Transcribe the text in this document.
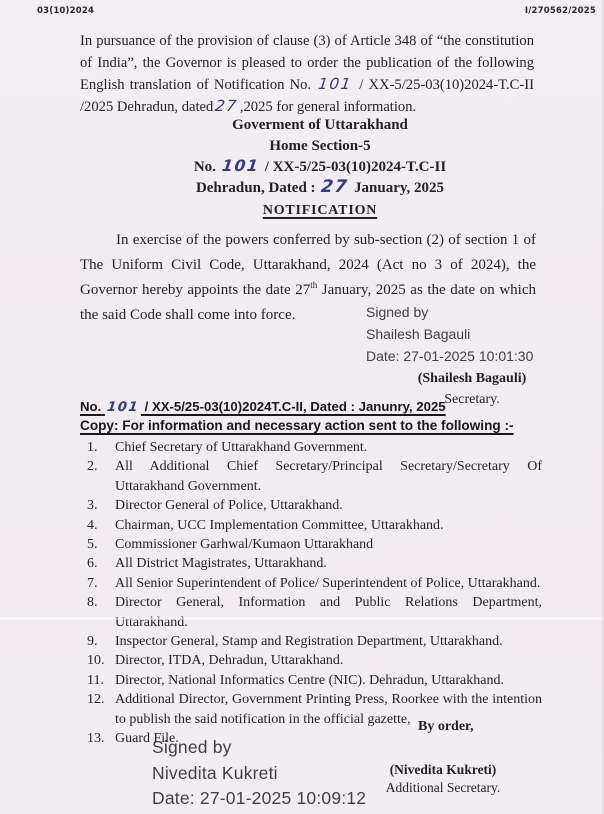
03(10)2024	I/270562/2025

In pursuance of the provision of clause (3) of Article 348 of “the constitution of India”, the Governor is pleased to order the publication of the following English translation of Notification No. 101 / XX-5/25-03(10)2024-T.C-II /2025 Dehradun, dated27,2025 for general information.

Goverment of Uttarakhand
Home Section-5
No. 101 / XX-5/25-03(10)2024-T.C-II
Dehradun, Dated : 27 January, 2025
NOTIFICATION

In exercise of the powers conferred by sub-section (2) of section 1 of The Uniform Civil Code, Uttarakhand, 2024 (Act no 3 of 2024), the Governor hereby appoints the date 27th January, 2025 as the date on which the said Code shall come into force.	Signed by
Shailesh Bagauli
Date: 27-01-2025 10:01:30
(Shailesh Bagauli)
Secretary.
No. 101 / XX-5/25-03(10)2024T.C-II, Dated : Janunry, 2025
Copy: For information and necessary action sent to the following :-
1.	Chief Secretary of Uttarakhand Government.
2.	All Additional Chief Secretary/Principal Secretary/Secretary Of Uttarakhand Government.
3.	Director General of Police, Uttarakhand.
4.	Chairman, UCC Implementation Committee, Uttarakhand.
5.	Commissioner Garhwal/Kumaon Uttarakhand
6.	All District Magistrates, Uttarakhand.
7.	All Senior Superintendent of Police/ Superintendent of Police, Uttarakhand.
8.	Director General, Information and Public Relations Department, Uttarakhand.
9.	Inspector General, Stamp and Registration Department, Uttarakhand.
10. Director, ITDA, Dehradun, Uttarakhand.
11. Director, National Informatics Centre (NIC). Dehradun, Uttarakhand.
12. Additional Director, Government Printing Press, Roorkee with the intention to publish the said notification in the official gazette,
13. Guard File.
By order,
Signed by
Nivedita Kukreti
Date: 27-01-2025 10:09:12
(Nivedita Kukreti)
Additional Secretary.
